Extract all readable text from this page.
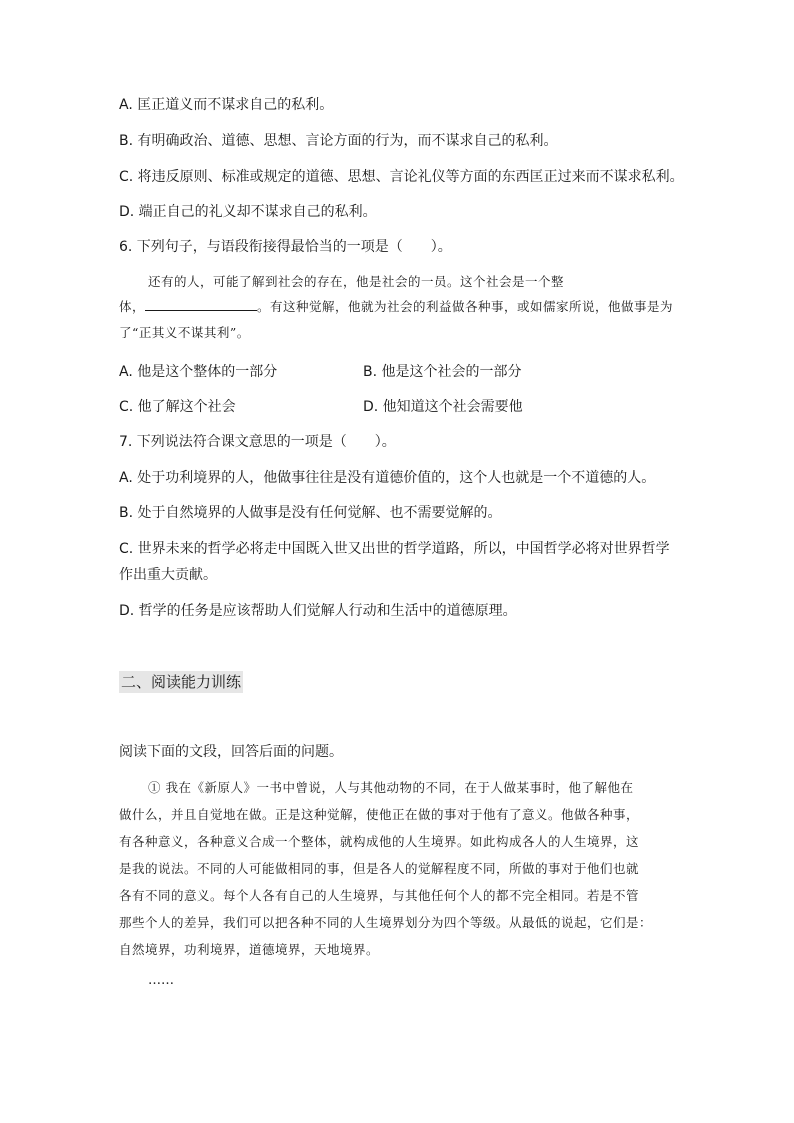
A. 匡正道义而不谋求自己的私利。
B. 有明确政治、道德、思想、言论方面的行为，而不谋求自己的私利。
C. 将违反原则、标准或规定的道德、思想、言论礼仪等方面的东西匡正过来而不谋求私利。
D. 端正自己的礼义却不谋求自己的私利。
6. 下列句子，与语段衔接得最恰当的一项是（　　）。
还有的人，可能了解到社会的存在，他是社会的一员。这个社会是一个整
体，	。有这种觉解，他就为社会的利益做各种事，或如儒家所说，他做事是为
了“正其义不谋其利”。
A. 他是这个整体的一部分	B. 他是这个社会的一部分
C. 他了解这个社会	D. 他知道这个社会需要他
7. 下列说法符合课文意思的一项是（　　）。
A. 处于功利境界的人，他做事往往是没有道德价值的，这个人也就是一个不道德的人。
B. 处于自然境界的人做事是没有任何觉解、也不需要觉解的。
C. 世界未来的哲学必将走中国既入世又出世的哲学道路，所以，中国哲学必将对世界哲学
作出重大贡献。
D. 哲学的任务是应该帮助人们觉解人行动和生活中的道德原理。
二、阅读能力训练
阅读下面的文段，回答后面的问题。
① 我在《新原人》一书中曾说，人与其他动物的不同，在于人做某事时，他了解他在
做什么，并且自觉地在做。正是这种觉解，使他正在做的事对于他有了意义。他做各种事，
有各种意义，各种意义合成一个整体，就构成他的人生境界。如此构成各人的人生境界，这
是我的说法。不同的人可能做相同的事，但是各人的觉解程度不同，所做的事对于他们也就
各有不同的意义。每个人各有自己的人生境界，与其他任何个人的都不完全相同。若是不管
那些个人的差异，我们可以把各种不同的人生境界划分为四个等级。从最低的说起，它们是：
自然境界，功利境界，道德境界，天地境界。
……
